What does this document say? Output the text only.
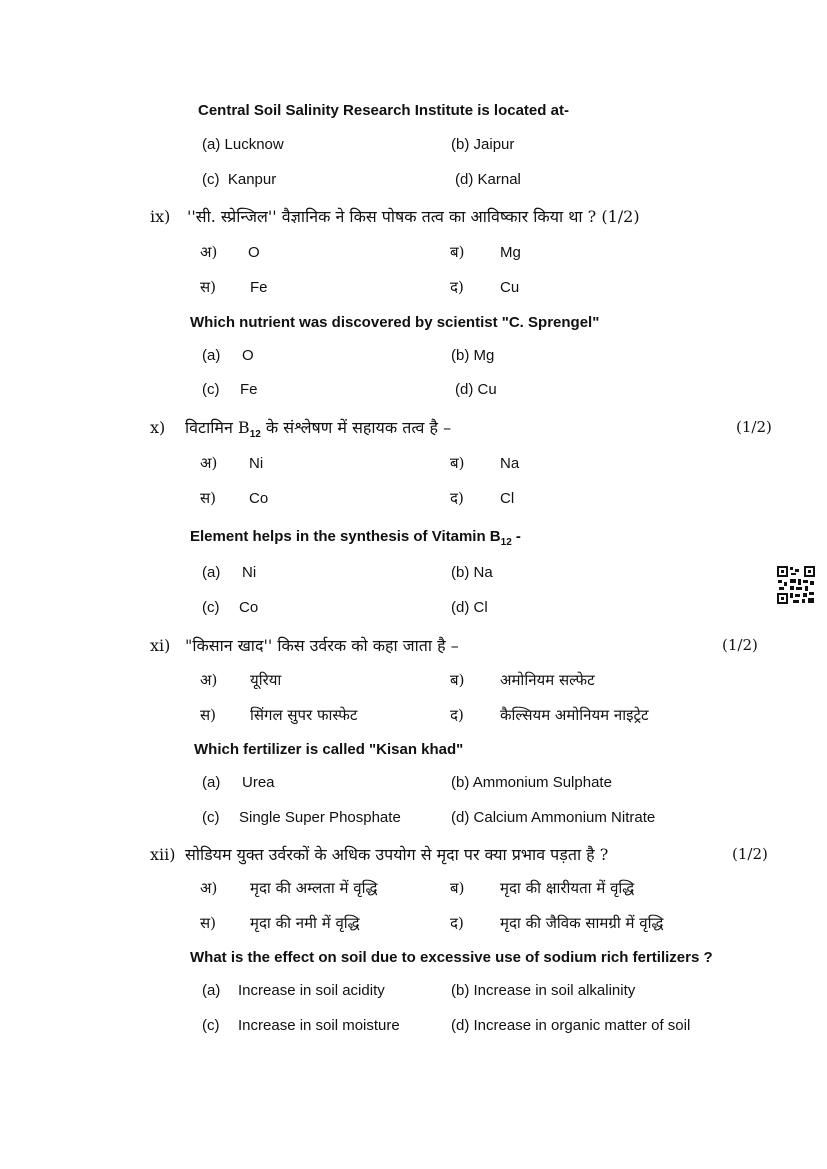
Central Soil Salinity Research Institute is located at-
(a) Lucknow	(b) Jaipur
(c) Kanpur	(d) Karnal
ix) ''सी. स्प्रेन्जिल'' वैज्ञानिक ने किस पोषक तत्व का आविष्कार किया था ? (1/2)
अ) O	ब) Mg
स) Fe	द) Cu
Which nutrient was discovered by scientist "C. Sprengel"
(a) O	(b) Mg
(c) Fe	(d) Cu
x) विटामिन $B_{12}$ के संश्लेषण में सहायक तत्व है –	(1/2)
अ) Ni	ब) Na
स) Co	द) Cl
Element helps in the synthesis of Vitamin $B_{12}$ -
(a) Ni	(b) Na
(c) Co	(d) Cl
xi) "किसान खाद'' किस उर्वरक को कहा जाता है –	(1/2)
अ) यूरिया	ब) अमोनियम सल्फेट
स) सिंगल सुपर फास्फेट	द) कैल्सियम अमोनियम नाइट्रेट
Which fertilizer is called "Kisan khad"
(a) Urea	(b) Ammonium Sulphate
(c) Single Super Phosphate	(d) Calcium Ammonium Nitrate
xii) सोडियम युक्त उर्वरकों के अधिक उपयोग से मृदा पर क्या प्रभाव पड़ता है ?	(1/2)
अ) मृदा की अम्लता में वृद्धि	ब) मृदा की क्षारीयता में वृद्धि
स) मृदा की नमी में वृद्धि	द) मृदा की जैविक सामग्री में वृद्धि
What is the effect on soil due to excessive use of sodium rich fertilizers ?
(a) Increase in soil acidity	(b) Increase in soil alkalinity
(c) Increase in soil moisture	(d) Increase in organic matter of soil
